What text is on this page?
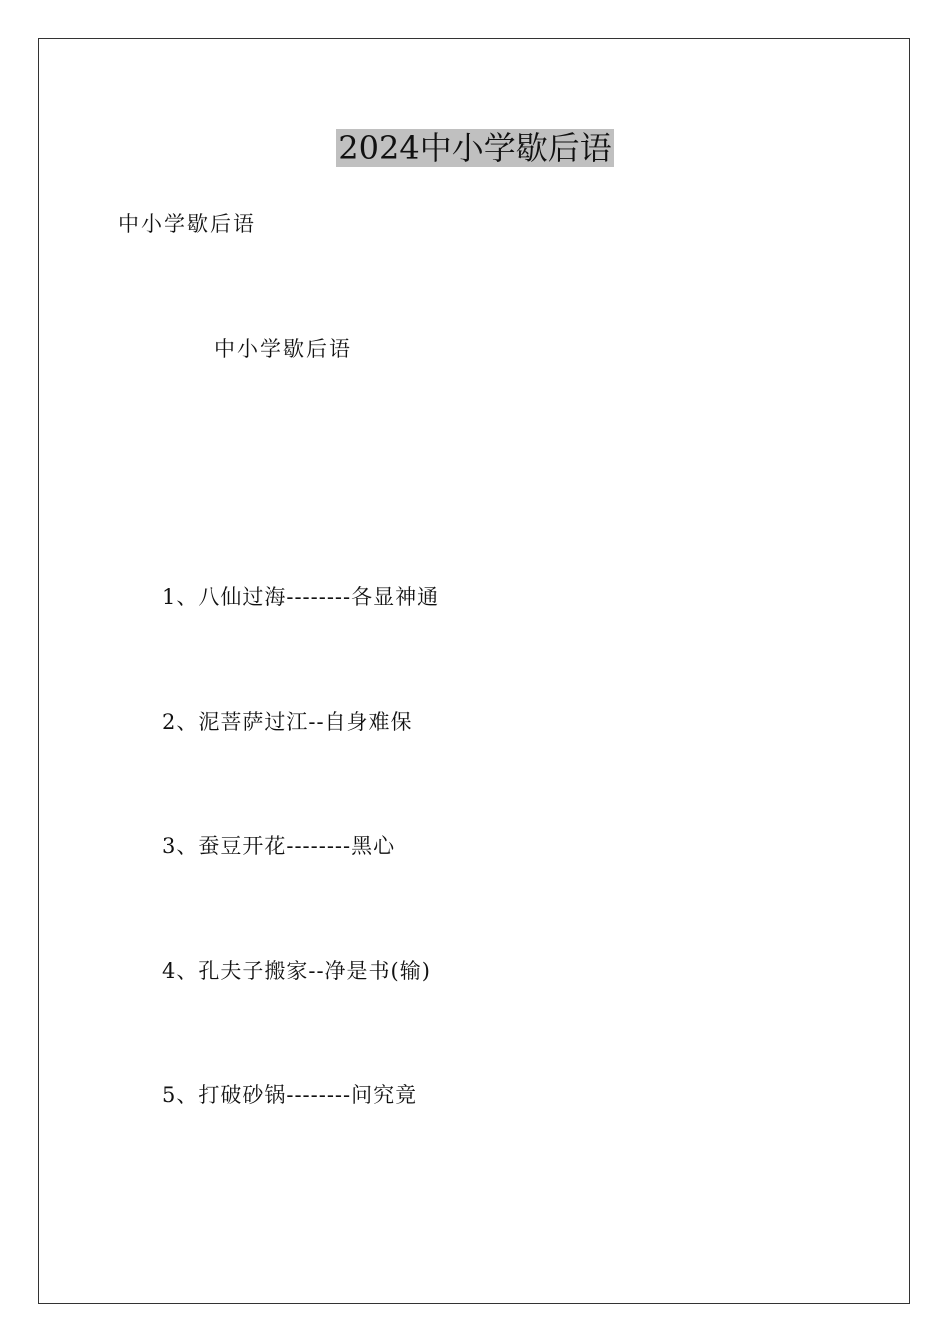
2024中小学歇后语
中小学歇后语
中小学歇后语
1、八仙过海--------各显神通
2、泥菩萨过江--自身难保
3、蚕豆开花--------黑心
4、孔夫子搬家--净是书(输)
5、打破砂锅--------问究竟
